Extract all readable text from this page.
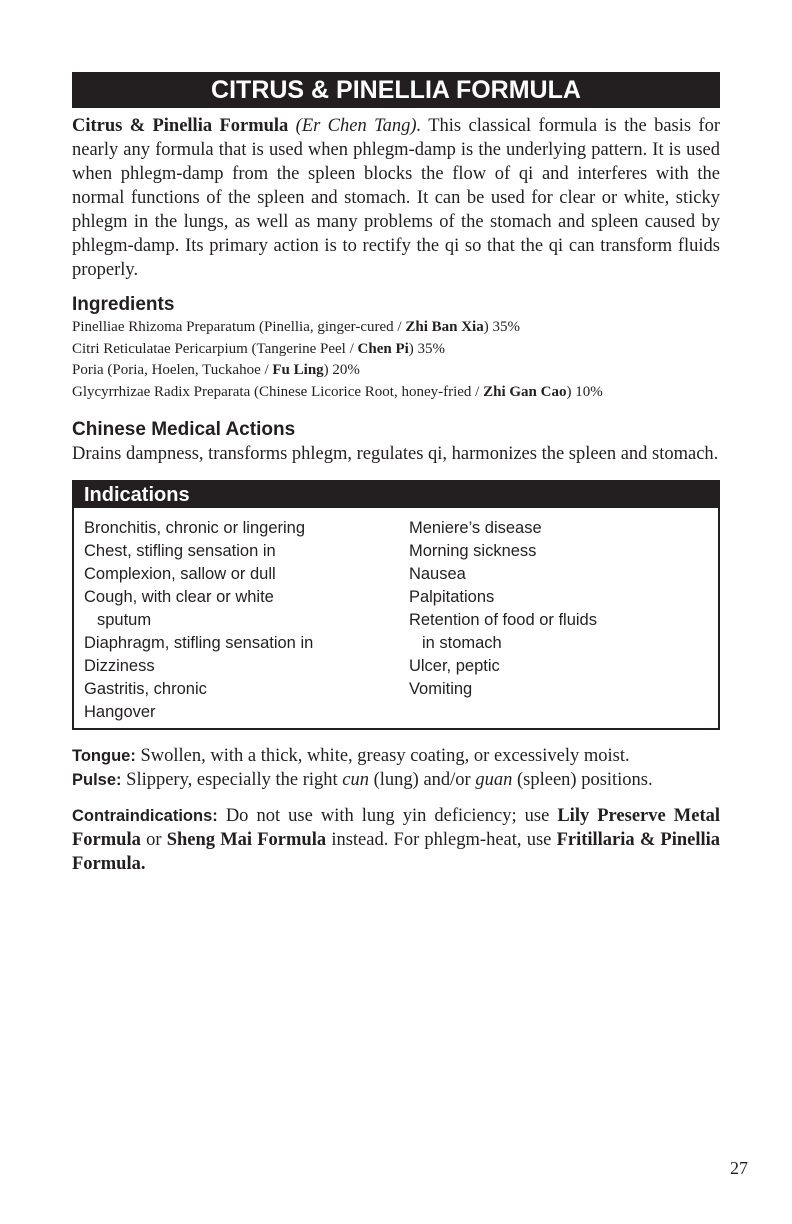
CITRUS & PINELLIA FORMULA
Citrus & Pinellia Formula (Er Chen Tang). This classical formula is the basis for nearly any formula that is used when phlegm-damp is the underlying pattern. It is used when phlegm-damp from the spleen blocks the flow of qi and interferes with the normal functions of the spleen and stomach. It can be used for clear or white, sticky phlegm in the lungs, as well as many problems of the stomach and spleen caused by phlegm-damp. Its primary action is to rectify the qi so that the qi can transform fluids properly.
Ingredients
Pinelliae Rhizoma Preparatum (Pinellia, ginger-cured / Zhi Ban Xia) 35%
Citri Reticulatae Pericarpium (Tangerine Peel / Chen Pi) 35%
Poria (Poria, Hoelen, Tuckahoe / Fu Ling) 20%
Glycyrrhizae Radix Preparata (Chinese Licorice Root, honey-fried / Zhi Gan Cao) 10%
Chinese Medical Actions
Drains dampness, transforms phlegm, regulates qi, harmonizes the spleen and stomach.
Indications
Bronchitis, chronic or lingering
Chest, stifling sensation in
Complexion, sallow or dull
Cough, with clear or white
sputum
Diaphragm, stifling sensation in
Dizziness
Gastritis, chronic
Hangover
Meniere’s disease
Morning sickness
Nausea
Palpitations
Retention of food or fluids
in stomach
Ulcer, peptic
Vomiting
Tongue: Swollen, with a thick, white, greasy coating, or excessively moist.
Pulse: Slippery, especially the right cun (lung) and/or guan (spleen) positions.
Contraindications: Do not use with lung yin deficiency; use Lily Preserve Metal Formula or Sheng Mai Formula instead. For phlegm-heat, use Fritillaria & Pinellia Formula.
27
